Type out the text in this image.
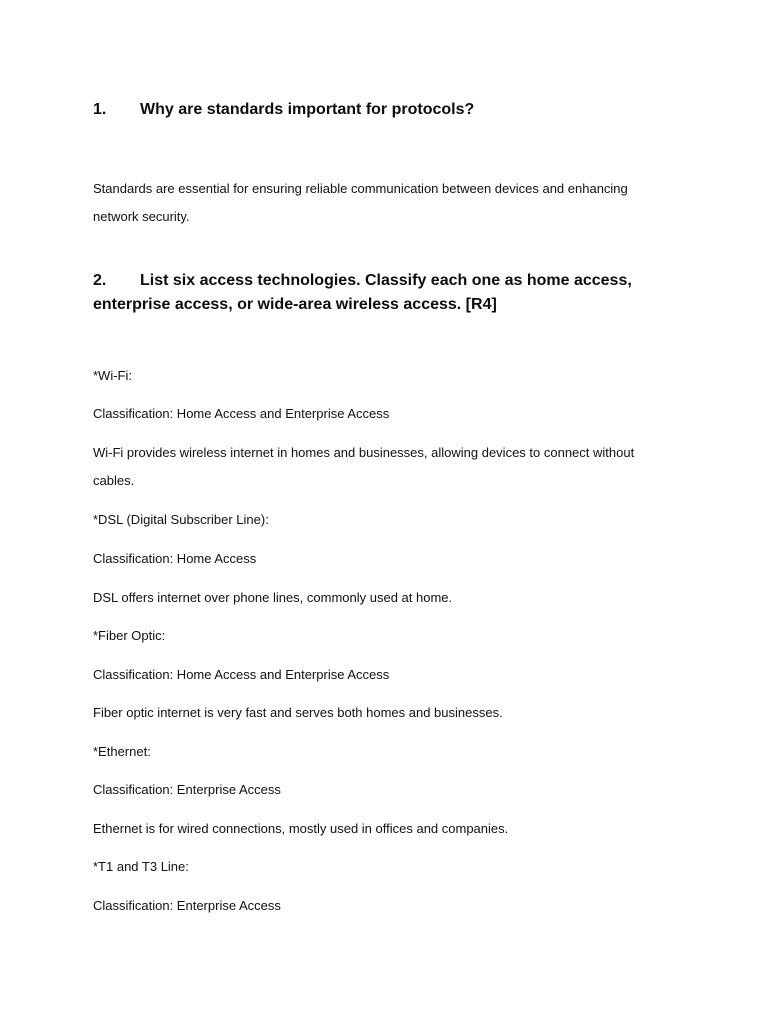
1. Why are standards important for protocols?
Standards are essential for ensuring reliable communication between devices and enhancing
network security.
2. List six access technologies. Classify each one as home access,
enterprise access, or wide-area wireless access. [R4]
*Wi-Fi:
Classification: Home Access and Enterprise Access
Wi-Fi provides wireless internet in homes and businesses, allowing devices to connect without
cables.
*DSL (Digital Subscriber Line):
Classification: Home Access
DSL offers internet over phone lines, commonly used at home.
*Fiber Optic:
Classification: Home Access and Enterprise Access
Fiber optic internet is very fast and serves both homes and businesses.
*Ethernet:
Classification: Enterprise Access
Ethernet is for wired connections, mostly used in offices and companies.
*T1 and T3 Line:
Classification: Enterprise Access
